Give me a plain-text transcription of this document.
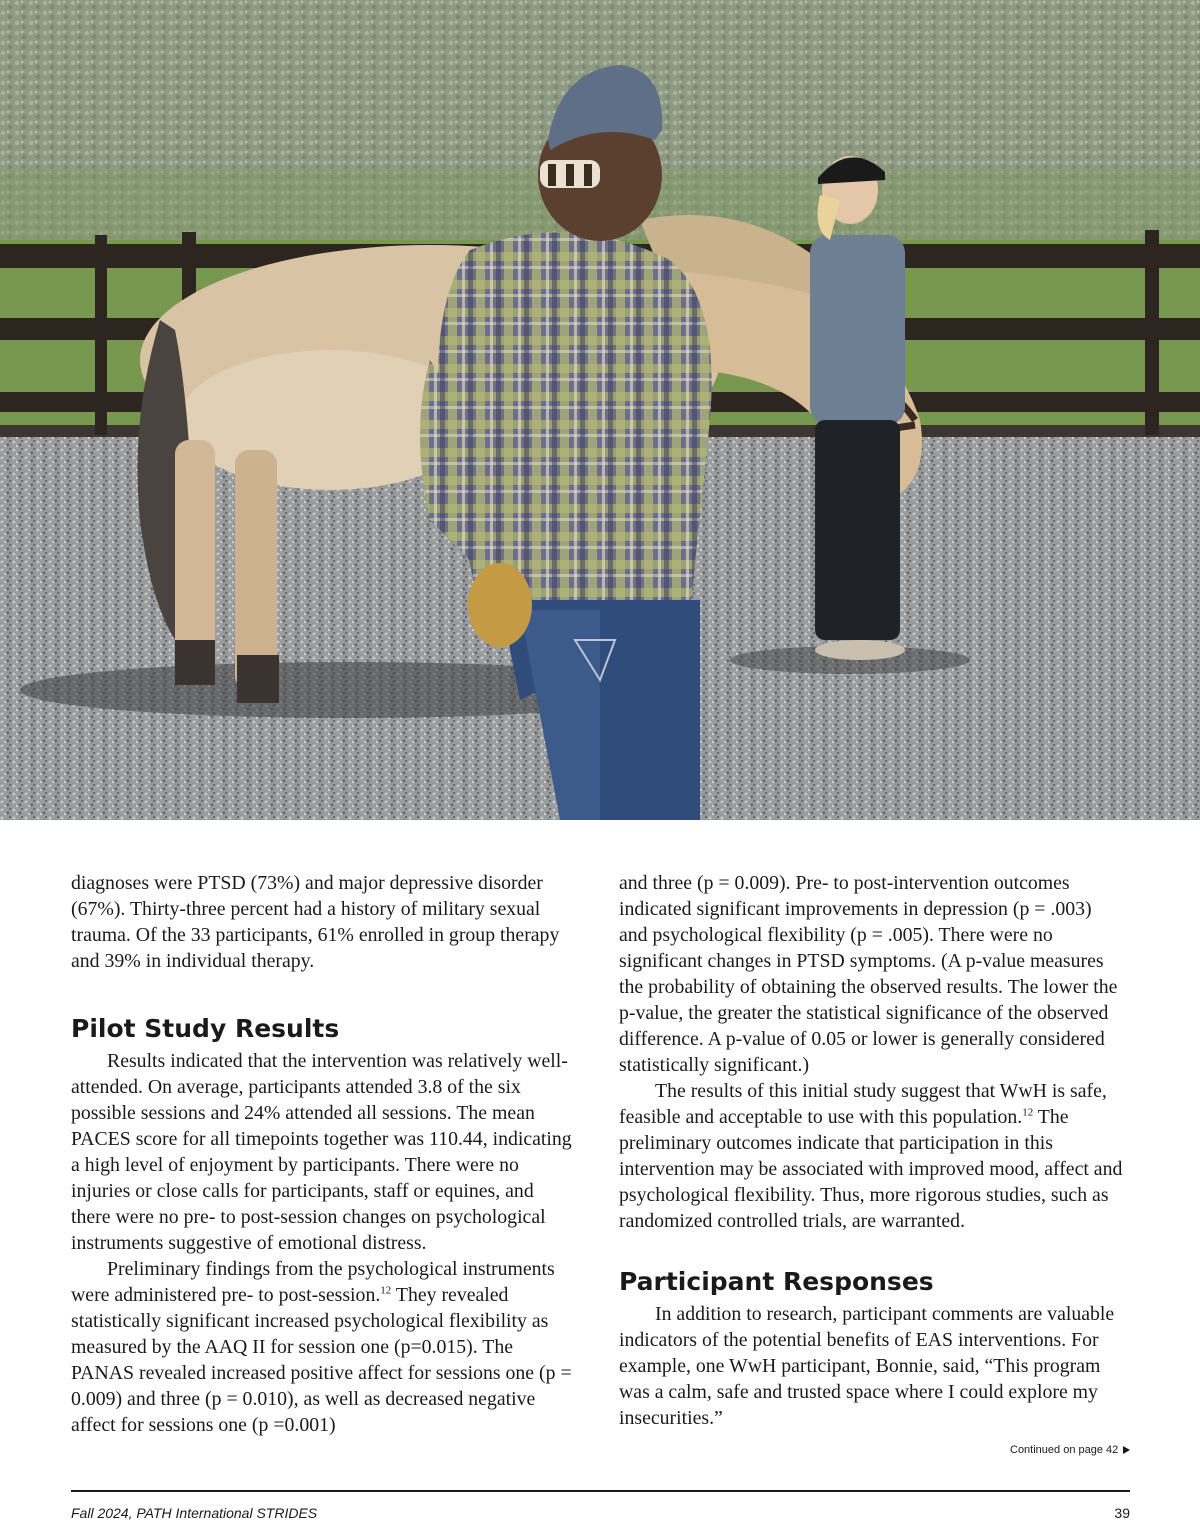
diagnoses were PTSD (73%) and major depressive disorder (67%). Thirty-three percent had a history of military sexual trauma. Of the 33 participants, 61% enrolled in group therapy and 39% in individual therapy.

Pilot Study Results

Results indicated that the intervention was relatively well-attended. On average, participants attended 3.8 of the six possible sessions and 24% attended all sessions. The mean PACES score for all timepoints together was 110.44, indicating a high level of enjoyment by participants. There were no injuries or close calls for participants, staff or equines, and there were no pre- to post-session changes on psychological instruments suggestive of emotional distress.

Preliminary findings from the psychological instruments were administered pre- to post-session.$^{12}$ They revealed statistically significant increased psychological flexibility as measured by the AAQ II for session one (p=0.015). The PANAS revealed increased positive affect for sessions one (p = 0.009) and three (p = 0.010), as well as decreased negative affect for sessions one (p =0.001)

and three (p = 0.009). Pre- to post-intervention outcomes indicated significant improvements in depression (p = .003) and psychological flexibility (p = .005). There were no significant changes in PTSD symptoms. (A p-value measures the probability of obtaining the observed results. The lower the p-value, the greater the statistical significance of the observed difference. A p-value of 0.05 or lower is generally considered statistically significant.)

The results of this initial study suggest that WwH is safe, feasible and acceptable to use with this population.$^{12}$ The preliminary outcomes indicate that participation in this intervention may be associated with improved mood, affect and psychological flexibility. Thus, more rigorous studies, such as randomized controlled trials, are warranted.

Participant Responses

In addition to research, participant comments are valuable indicators of the potential benefits of EAS interventions. For example, one WwH participant, Bonnie, said, “This program was a calm, safe and trusted space where I could explore my insecurities.”

Continued on page 42
Fall 2024, PATH International STRIDES	39
